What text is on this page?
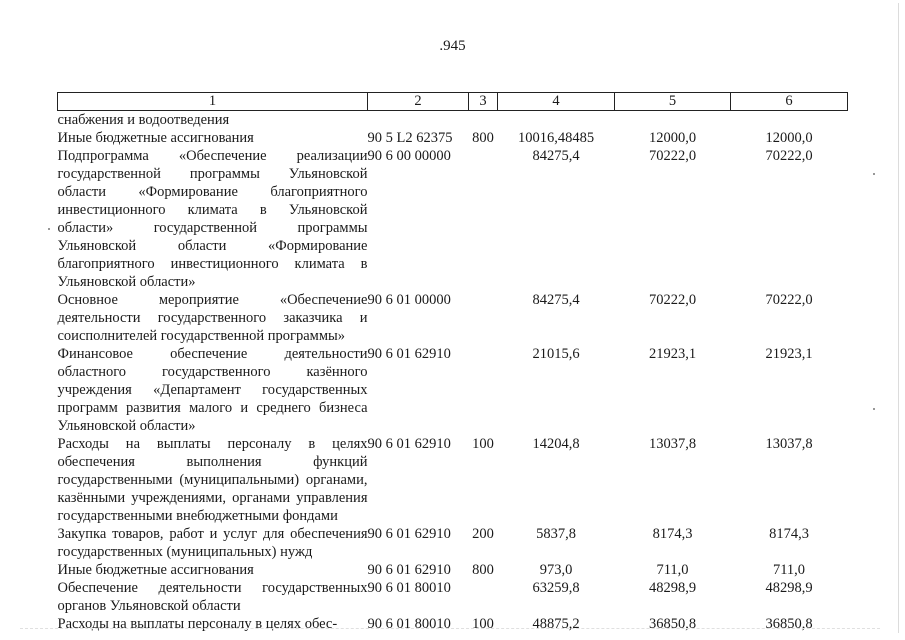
.945
1	2	3	4	5	6
снабжения и водоотведения					
Иные бюджетные ассигнования	90 5 L2 62375	800	10016,48485	12000,0	12000,0
Подпрограмма «Обеспечение реализации государственной программы Ульяновской области «Формирование благоприятного инвестиционного климата в Ульяновской области» государственной программы Ульяновской области «Формирование благоприятного инвестиционного климата в Ульяновской области»	90 6 00 00000		84275,4	70222,0	70222,0
Основное мероприятие «Обеспечение деятельности государственного заказчика и соисполнителей государственной программы»	90 6 01 00000		84275,4	70222,0	70222,0
Финансовое обеспечение деятельности областного государственного казённого учреждения «Департамент государственных программ развития малого и среднего бизнеса Ульяновской области»	90 6 01 62910		21015,6	21923,1	21923,1
Расходы на выплаты персоналу в целях обеспечения выполнения функций государственными (муниципальными) органами, казёнными учреждениями, органами управления государственными внебюджетными фондами	90 6 01 62910	100	14204,8	13037,8	13037,8
Закупка товаров, работ и услуг для обеспечения государственных (муниципальных) нужд	90 6 01 62910	200	5837,8	8174,3	8174,3
Иные бюджетные ассигнования	90 6 01 62910	800	973,0	711,0	711,0
Обеспечение деятельности государственных органов Ульяновской области	90 6 01 80010		63259,8	48298,9	48298,9
Расходы на выплаты персоналу в целях обес-	90 6 01 80010	100	48875,2	36850,8	36850,8
